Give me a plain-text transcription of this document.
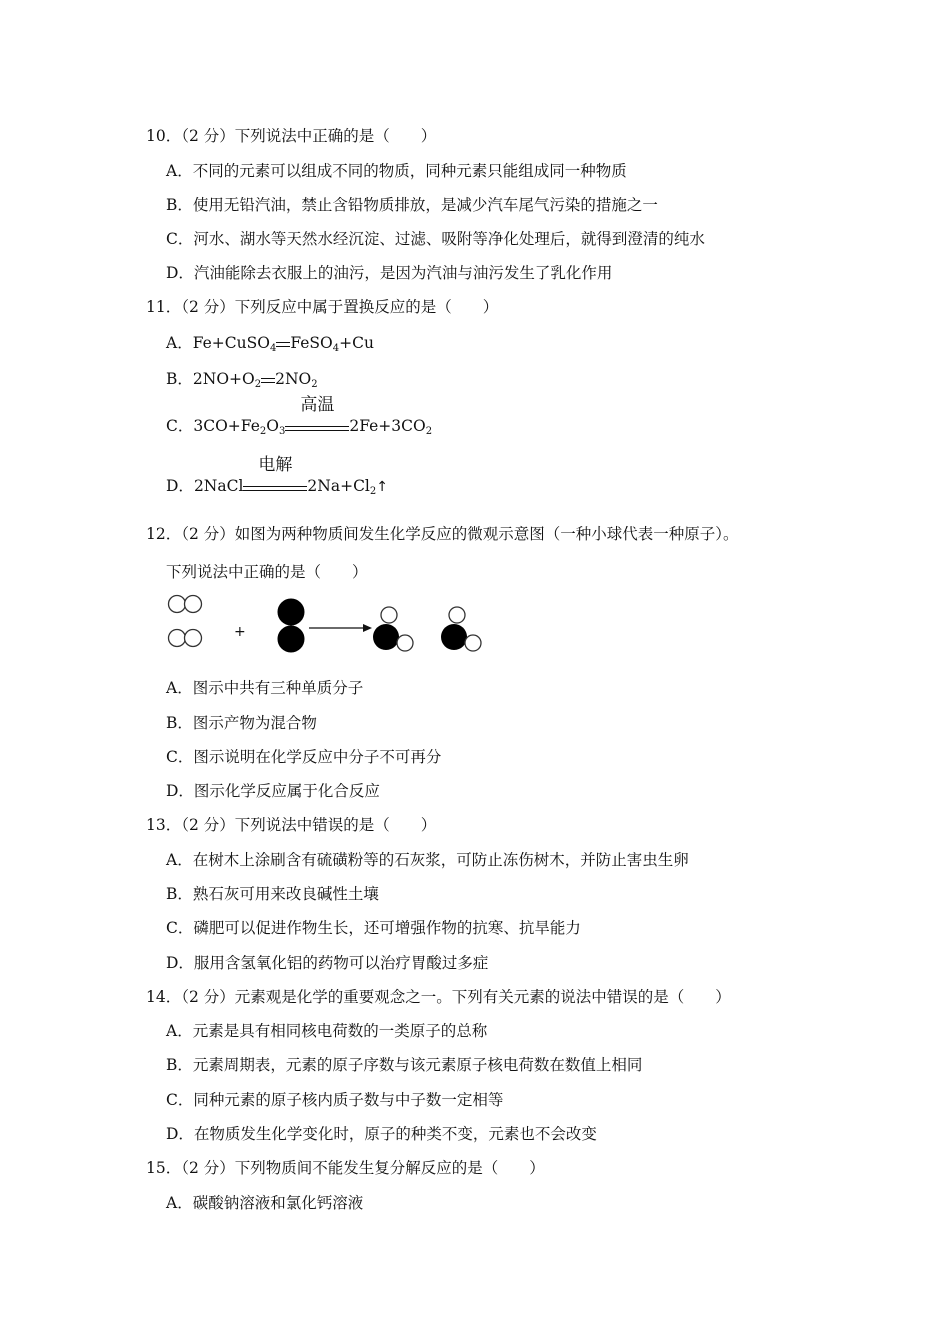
10．（2 分）下列说法中正确的是（　　）
A．不同的元素可以组成不同的物质，同种元素只能组成同一种物质
B．使用无铅汽油，禁止含铅物质排放，是减少汽车尾气污染的措施之一
C．河水、湖水等天然水经沉淀、过滤、吸附等净化处理后，就得到澄清的纯水
D．汽油能除去衣服上的油污，是因为汽油与油污发生了乳化作用
11．（2 分）下列反应中属于置换反应的是（　　）
A．Fe+CuSO$_4$ FeSO$_4$+Cu
B．$2NO+O_2$ $2NO_2$
C．$3CO+Fe_2O_3$
高温
$2Fe+3CO_2$
D．2NaCl
电解
$2Na+Cl_2↑$
12．（2 分）如图为两种物质间发生化学反应的微观示意图（一种小球代表一种原子）。
下列说法中正确的是（　　）
+
A．图示中共有三种单质分子
B．图示产物为混合物
C．图示说明在化学反应中分子不可再分
D．图示化学反应属于化合反应
13．（2 分）下列说法中错误的是（　　）
A．在树木上涂刷含有硫磺粉等的石灰浆，可防止冻伤树木，并防止害虫生卵
B．熟石灰可用来改良碱性土壤
C．磷肥可以促进作物生长，还可增强作物的抗寒、抗旱能力
D．服用含氢氧化铝的药物可以治疗胃酸过多症
14．（2 分）元素观是化学的重要观念之一。下列有关元素的说法中错误的是（　　）
A．元素是具有相同核电荷数的一类原子的总称
B．元素周期表，元素的原子序数与该元素原子核电荷数在数值上相同
C．同种元素的原子核内质子数与中子数一定相等
D．在物质发生化学变化时，原子的种类不变，元素也不会改变
15．（2 分）下列物质间不能发生复分解反应的是（　　）
A．碳酸钠溶液和氯化钙溶液
